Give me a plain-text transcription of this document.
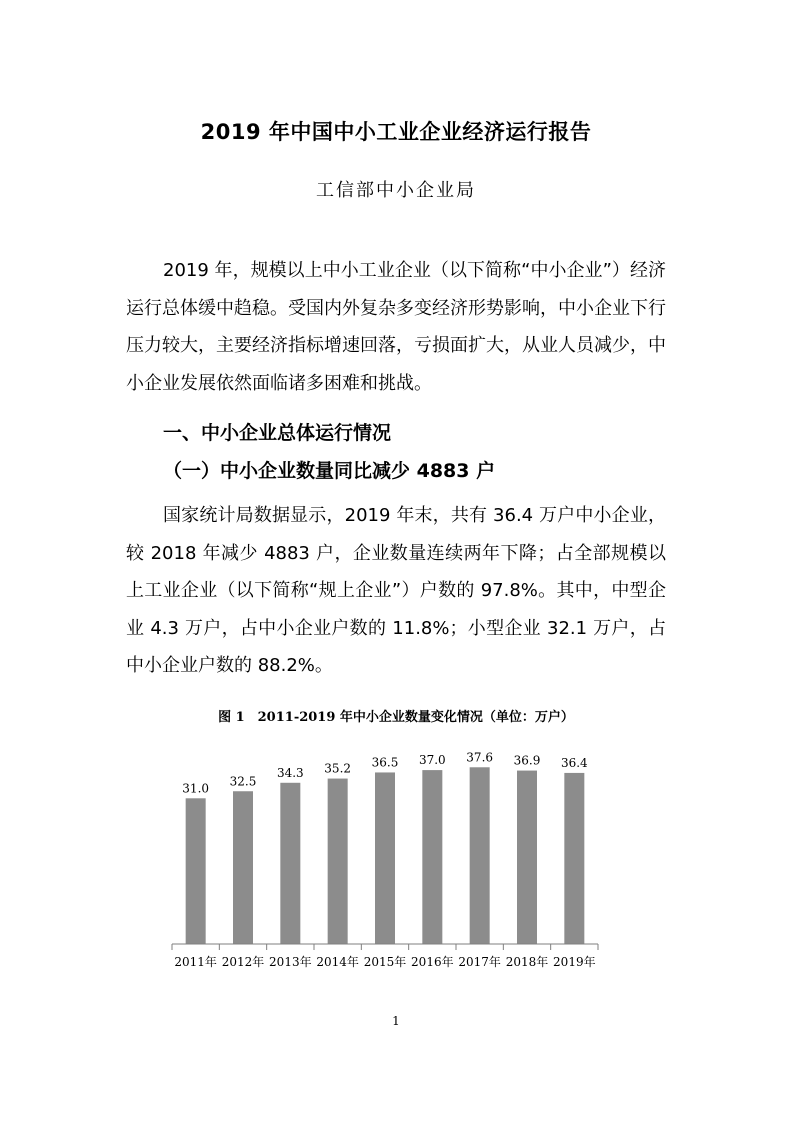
2019 年中国中小工业企业经济运行报告
工信部中小企业局
2019 年，规模以上中小工业企业（以下简称“中小企业”）经济运行总体缓中趋稳。受国内外复杂多变经济形势影响，中小企业下行压力较大，主要经济指标增速回落，亏损面扩大，从业人员减少，中小企业发展依然面临诸多困难和挑战。
一、中小企业总体运行情况
（一）中小企业数量同比减少 4883 户
国家统计局数据显示，2019 年末，共有 36.4 万户中小企业，较 2018 年减少 4883 户，企业数量连续两年下降；占全部规模以上工业企业（以下简称“规上企业”）户数的 97.8%。其中，中型企业 4.3 万户，占中小企业户数的 11.8%；小型企业 32.1 万户，占中小企业户数的 88.2%。
图 1　2011-2019 年中小企业数量变化情况（单位：万户）
31.0
2011年
32.5
2012年
34.3
2013年
35.2
2014年
36.5
2015年
37.0
2016年
37.6
2017年
36.9
2018年
36.4
2019年
1
